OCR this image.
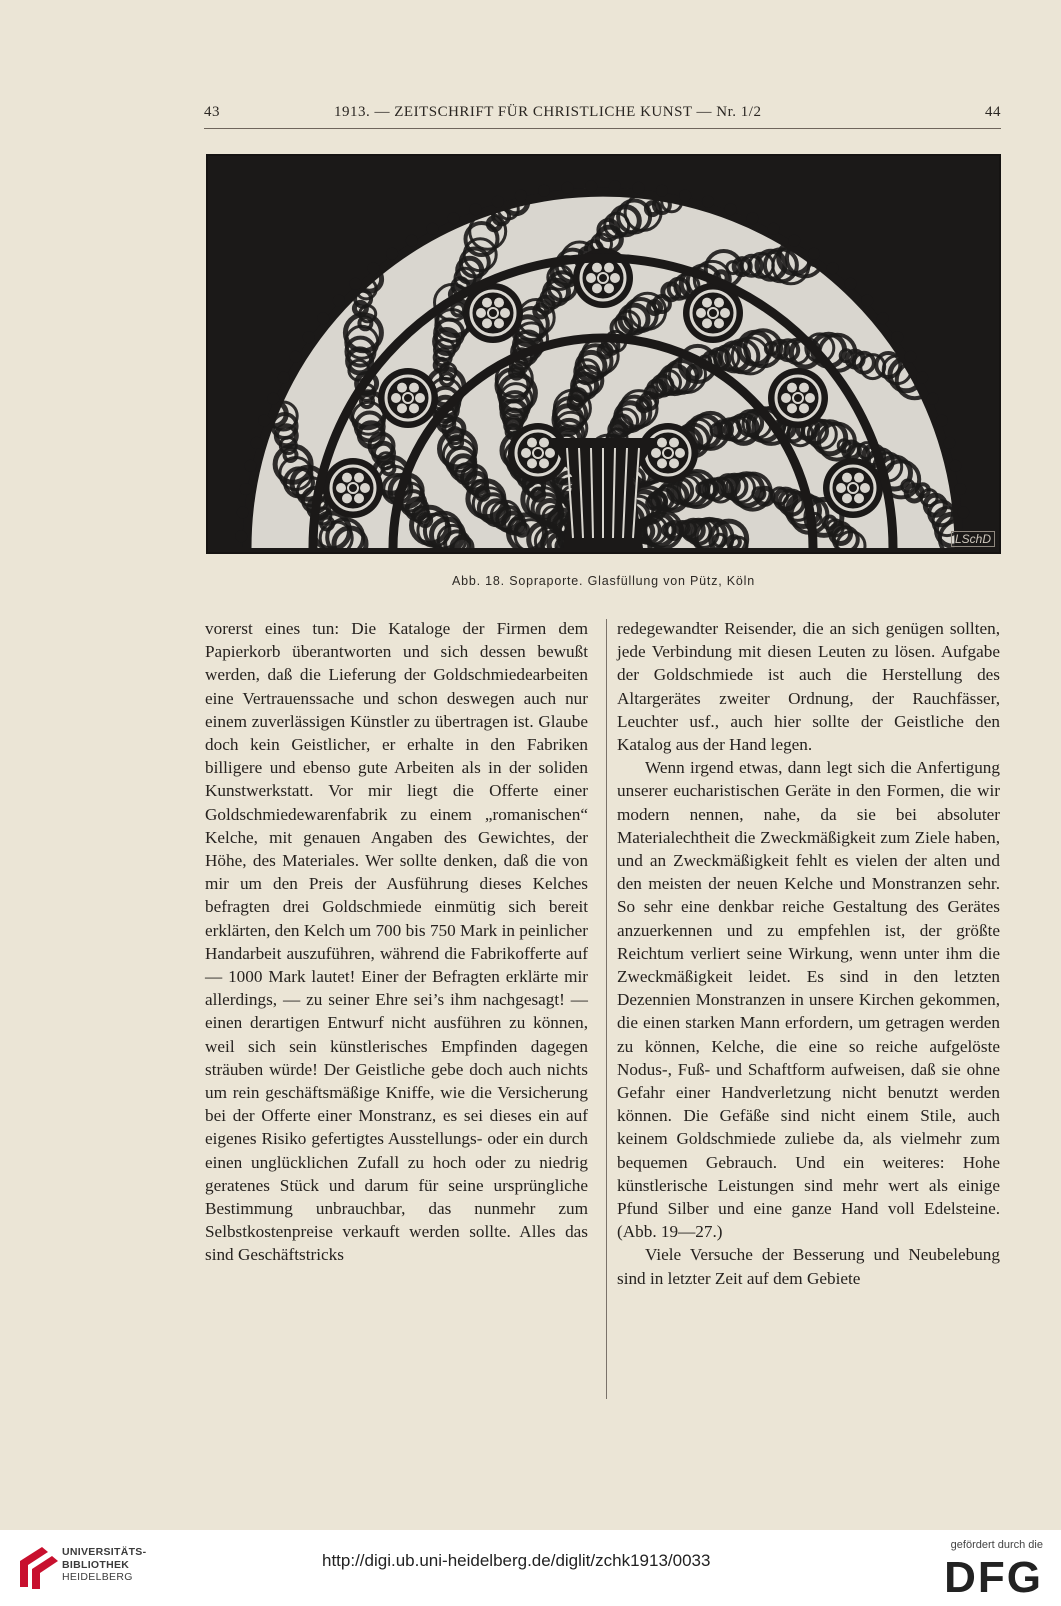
43	1913. — ZEITSCHRIFT FÜR CHRISTLICHE KUNST — Nr. 1/2	44
LSchD
Abb. 18. Sopraporte. Glasfüllung von Pütz, Köln

vorerst eines tun: Die Kataloge der Firmen dem Papierkorb überantworten und sich dessen bewußt werden, daß die Lieferung der Goldschmiedearbeiten eine Vertrauenssache und schon deswegen auch nur einem zuverlässigen Künstler zu übertragen ist. Glaube doch kein Geistlicher, er erhalte in den Fabriken billigere und ebenso gute Arbeiten als in der soliden Kunstwerkstatt. Vor mir liegt die Offerte einer Goldschmiedewarenfabrik zu einem „romanischen“ Kelche, mit genauen Angaben des Gewichtes, der Höhe, des Materiales. Wer sollte denken, daß die von mir um den Preis der Ausführung dieses Kelches befragten drei Goldschmiede einmütig sich bereit erklärten, den Kelch um 700 bis 750 Mark in peinlicher Handarbeit auszuführen, während die Fabrikofferte auf — 1000 Mark lautet! Einer der Befragten erklärte mir allerdings, — zu seiner Ehre sei’s ihm nachgesagt! — einen derartigen Entwurf nicht ausführen zu können, weil sich sein künstlerisches Empfinden dagegen sträuben würde! Der Geistliche gebe doch auch nichts um rein geschäftsmäßige Kniffe, wie die Versicherung bei der Offerte einer Monstranz, es sei dieses ein auf eigenes Risiko gefertigtes Ausstellungs- oder ein durch einen unglücklichen Zufall zu hoch oder zu niedrig geratenes Stück und darum für seine ursprüngliche Bestimmung unbrauchbar, das nunmehr zum Selbstkostenpreise verkauft werden sollte. Alles das sind Geschäftstricks

redegewandter Reisender, die an sich genügen sollten, jede Verbindung mit diesen Leuten zu lösen. Aufgabe der Goldschmiede ist auch die Herstellung des Altargerätes zweiter Ordnung, der Rauchfässer, Leuchter usf., auch hier sollte der Geistliche den Katalog aus der Hand legen.

Wenn irgend etwas, dann legt sich die Anfertigung unserer eucharistischen Geräte in den Formen, die wir modern nennen, nahe, da sie bei absoluter Materialechtheit die Zweckmäßigkeit zum Ziele haben, und an Zweckmäßigkeit fehlt es vielen der alten und den meisten der neuen Kelche und Monstranzen sehr. So sehr eine denkbar reiche Gestaltung des Gerätes anzuerkennen und zu empfehlen ist, der größte Reichtum verliert seine Wirkung, wenn unter ihm die Zweckmäßigkeit leidet. Es sind in den letzten Dezennien Monstranzen in unsere Kirchen gekommen, die einen starken Mann erfordern, um getragen werden zu können, Kelche, die eine so reiche aufgelöste Nodus-, Fuß- und Schaftform aufweisen, daß sie ohne Gefahr einer Handverletzung nicht benutzt werden können. Die Gefäße sind nicht einem Stile, auch keinem Goldschmiede zuliebe da, als vielmehr zum bequemen Gebrauch. Und ein weiteres: Hohe künstlerische Leistungen sind mehr wert als einige Pfund Silber und eine ganze Hand voll Edelsteine. (Abb. 19—27.)

Viele Versuche der Besserung und Neubelebung sind in letzter Zeit auf dem Gebiete

UNIVERSITÄTS-
BIBLIOTHEK
HEIDELBERG
http://digi.ub.uni-heidelberg.de/diglit/zchk1913/0033
gefördert durch die
DFG
